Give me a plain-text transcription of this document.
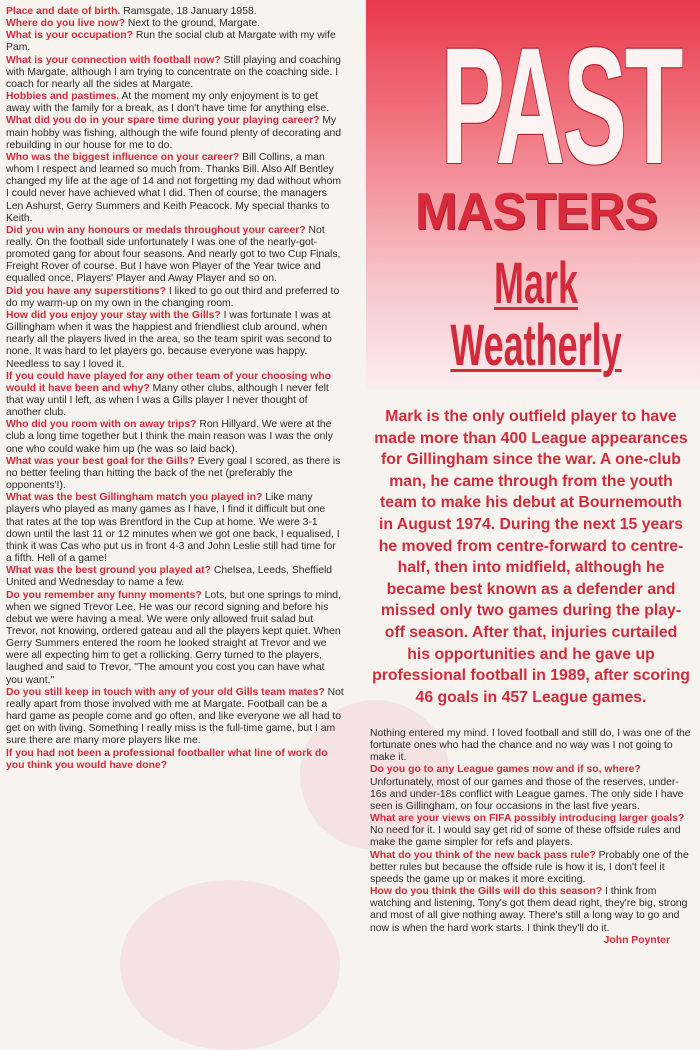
Place and date of birth. Ramsgate, 18 January 1958.
Where do you live now? Next to the ground, Margate.
What is your occupation? Run the social club at Margate with my wife Pam.
What is your connection with football now? Still playing and coaching with Margate, although I am trying to concentrate on the coaching side. I coach for nearly all the sides at Margate.
Hobbies and pastimes. At the moment my only enjoyment is to get away with the family for a break, as I don't have time for anything else.
What did you do in your spare time during your playing career? My main hobby was fishing, although the wife found plenty of decorating and rebuilding in our house for me to do.
Who was the biggest influence on your career? Bill Collins, a man whom I respect and learned so much from. Thanks Bill. Also Alf Bentley changed my life at the age of 14 and not forgetting my dad without whom I could never have achieved what I did. Then of course, the managers Len Ashurst, Gerry Summers and Keith Peacock. My special thanks to Keith.
Did you win any honours or medals throughout your career? Not really. On the football side unfortunately I was one of the nearly-got-promoted gang for about four seasons. And nearly got to two Cup Finals, Freight Rover of course. But I have won Player of the Year twice and equalled once, Players' Player and Away Player and so on.
Did you have any superstitions? I liked to go out third and preferred to do my warm-up on my own in the changing room.
How did you enjoy your stay with the Gills? I was fortunate I was at Gillingham when it was the happiest and friendliest club around, when nearly all the players lived in the area, so the team spirit was second to none. It was hard to let players go, because everyone was happy. Needless to say I loved it.
If you could have played for any other team of your choosing who would it have been and why? Many other clubs, although I never felt that way until I left, as when I was a Gills player I never thought of another club.
Who did you room with on away trips? Ron Hillyard. We were at the club a long time together but I think the main reason was I was the only one who could wake him up (he was so laid back).
What was your best goal for the Gills? Every goal I scored, as there is no better feeling than hitting the back of the net (preferably the opponents'!).
What was the best Gillingham match you played in? Like many players who played as many games as I have, I find it difficult but one that rates at the top was Brentford in the Cup at home. We were 3-1 down until the last 11 or 12 minutes when we got one back, I equalised, I think it was Cas who put us in front 4-3 and John Leslie still had time for a fifth. Hell of a game!
What was the best ground you played at? Chelsea, Leeds, Sheffield United and Wednesday to name a few.
Do you remember any funny moments? Lots, but one springs to mind, when we signed Trevor Lee. He was our record signing and before his debut we were having a meal. We were only allowed fruit salad but Trevor, not knowing, ordered gateau and all the players kept quiet. When Gerry Summers entered the room he looked straight at Trevor and we were all expecting him to get a rollicking. Gerry turned to the players, laughed and said to Trevor, "The amount you cost you can have what you want."
Do you still keep in touch with any of your old Gills team mates? Not really apart from those involved with me at Margate. Football can be a hard game as people come and go often, and like everyone we all had to get on with living. Something I really miss is the full-time game, but I am sure there are many more players like me.
If you had not been a professional footballer what line of work do you think you would have done?
PAST
MASTERS
Mark
Weatherly
Mark is the only outfield player to have made more than 400 League appearances for Gillingham since the war. A one-club man, he came through from the youth team to make his debut at Bournemouth in August 1974. During the next 15 years he moved from centre-forward to centre-half, then into midfield, although he became best known as a defender and missed only two games during the play-off season. After that, injuries curtailed his opportunities and he gave up professional football in 1989, after scoring 46 goals in 457 League games.
Nothing entered my mind. I loved football and still do, I was one of the fortunate ones who had the chance and no way was I not going to make it.
Do you go to any League games now and if so, where? Unfortunately, most of our games and those of the reserves, under-16s and under-18s conflict with League games. The only side I have seen is Gillingham, on four occasions in the last five years.
What are your views on FIFA possibly introducing larger goals? No need for it. I would say get rid of some of these offside rules and make the game simpler for refs and players.
What do you think of the new back pass rule? Probably one of the better rules but because the offside rule is how it is, I don't feel it speeds the game up or makes it more exciting.
How do you think the Gills will do this season? I think from watching and listening, Tony's got them dead right, they're big, strong and most of all give nothing away. There's still a long way to go and now is when the hard work starts. I think they'll do it.
John Poynter
